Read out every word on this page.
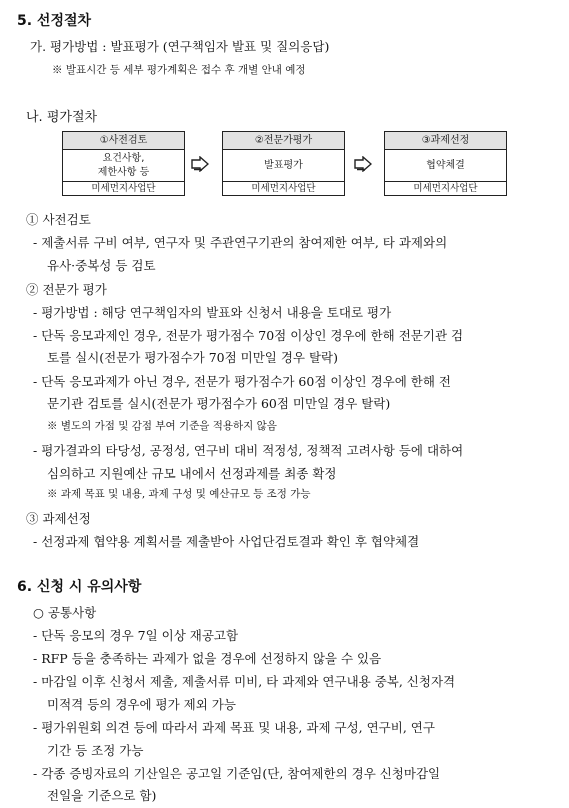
5. 선정절차
가. 평가방법 : 발표평가 (연구책임자 발표 및 질의응답)
※ 발표시간 등 세부 평가계획은 접수 후 개별 안내 예정
나. 평가절차
①사전검토
요건사항,
제한사항 등
미세먼지사업단
②전문가평가
발표평가
미세먼지사업단
③과제선정
협약체결
미세먼지사업단
① 사전검토
- 제출서류 구비 여부, 연구자 및 주관연구기관의 참여제한 여부, 타 과제와의
유사·중복성 등 검토
② 전문가 평가
- 평가방법 : 해당 연구책임자의 발표와 신청서 내용을 토대로 평가
- 단독 응모과제인 경우, 전문가 평가점수 70점 이상인 경우에 한해 전문기관 검
토를 실시(전문가 평가점수가 70점 미만일 경우 탈락)
- 단독 응모과제가 아닌 경우, 전문가 평가점수가 60점 이상인 경우에 한해 전
문기관 검토를 실시(전문가 평가점수가 60점 미만일 경우 탈락)
※ 별도의 가점 및 감점 부여 기준을 적용하지 않음
- 평가결과의 타당성, 공정성, 연구비 대비 적정성, 정책적 고려사항 등에 대하여
심의하고 지원예산 규모 내에서 선정과제를 최종 확정
※ 과제 목표 및 내용, 과제 구성 및 예산규모 등 조정 가능
③ 과제선정
- 선정과제 협약용 계획서를 제출받아 사업단검토결과 확인 후 협약체결
6. 신청 시 유의사항
○ 공통사항
- 단독 응모의 경우 7일 이상 재공고함
- RFP 등을 충족하는 과제가 없을 경우에 선정하지 않을 수 있음
- 마감일 이후 신청서 제출, 제출서류 미비, 타 과제와 연구내용 중복, 신청자격
미적격 등의 경우에 평가 제외 가능
- 평가위원회 의견 등에 따라서 과제 목표 및 내용, 과제 구성, 연구비, 연구
기간 등 조정 가능
- 각종 증빙자료의 기산일은 공고일 기준임(단, 참여제한의 경우 신청마감일
전일을 기준으로 함)
